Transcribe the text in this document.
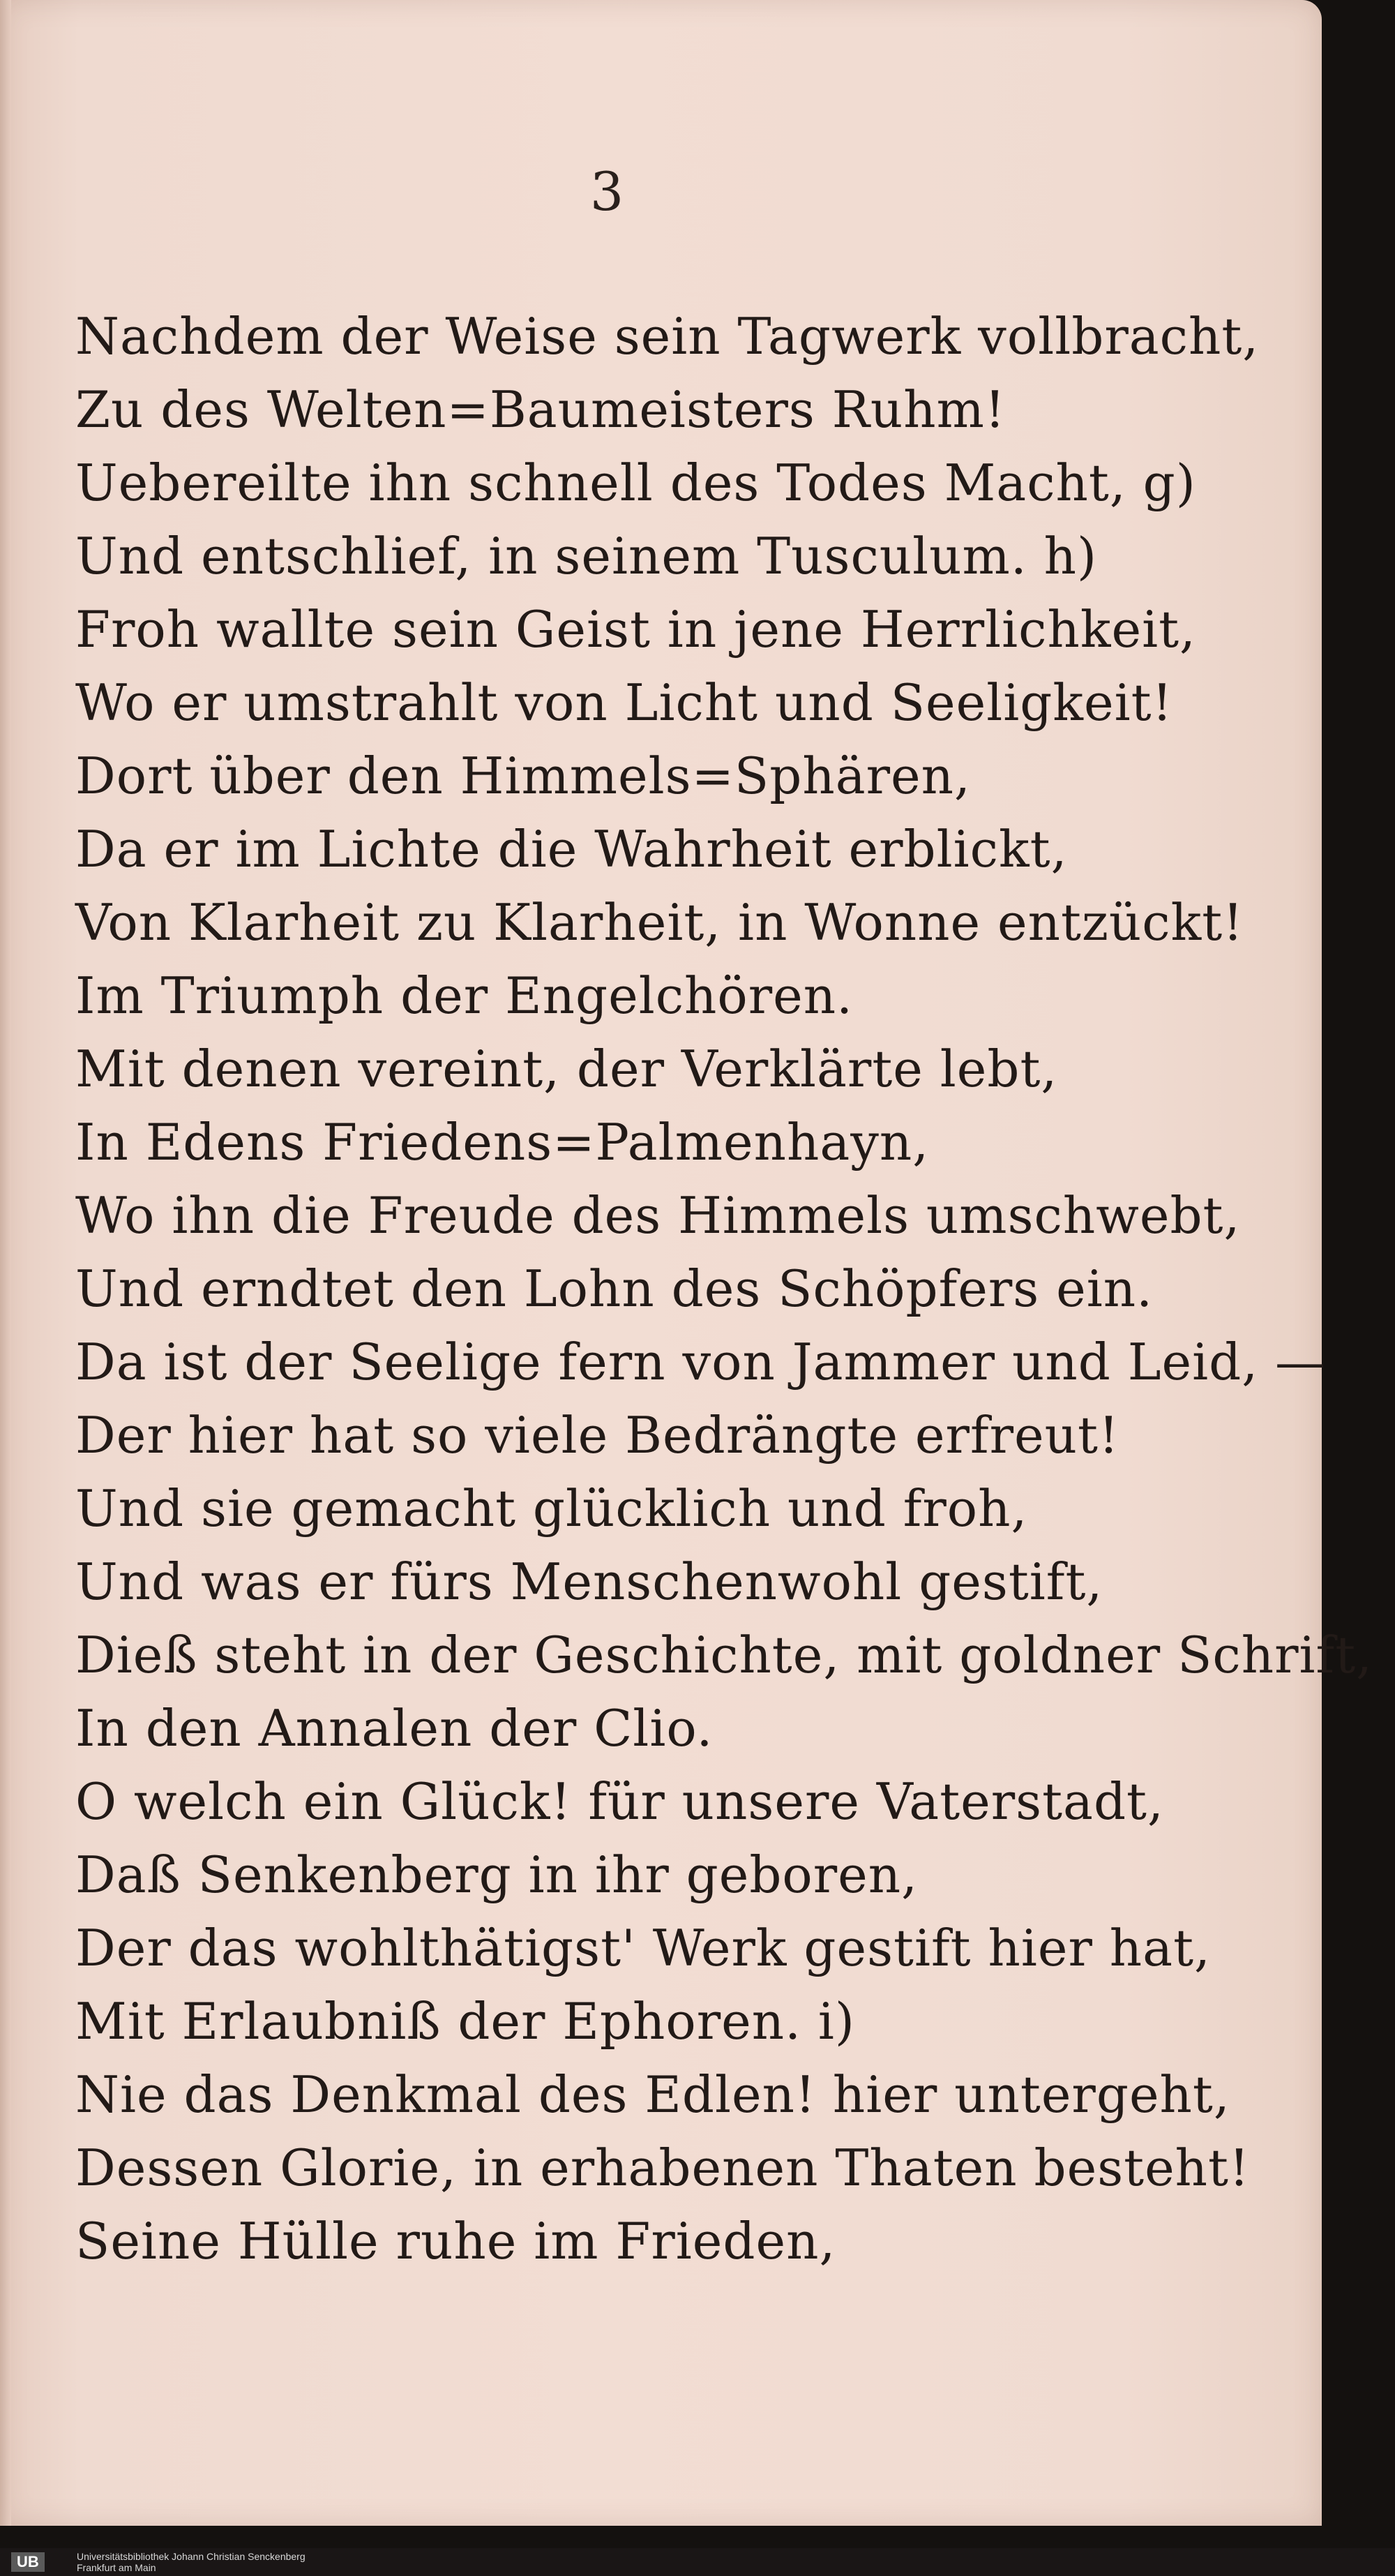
3
Nachdem der Weise sein Tagwerk vollbracht,
Zu des Welten=Baumeisters Ruhm!
Uebereilte ihn schnell des Todes Macht, g)
Und entschlief, in seinem Tusculum. h)
Froh wallte sein Geist in jene Herrlichkeit,
Wo er umstrahlt von Licht und Seeligkeit!
Dort über den Himmels=Sphären,
Da er im Lichte die Wahrheit erblickt,
Von Klarheit zu Klarheit, in Wonne entzückt!
Im Triumph der Engelchören.
Mit denen vereint, der Verklärte lebt,
In Edens Friedens=Palmenhayn,
Wo ihn die Freude des Himmels umschwebt,
Und erndtet den Lohn des Schöpfers ein.
Da ist der Seelige fern von Jammer und Leid, —
Der hier hat so viele Bedrängte erfreut!
Und sie gemacht glücklich und froh,
Und was er fürs Menschenwohl gestift,
Dieß steht in der Geschichte, mit goldner Schrift,
In den Annalen der Clio.
O welch ein Glück! für unsere Vaterstadt,
Daß Senkenberg in ihr geboren,
Der das wohlthätigst' Werk gestift hier hat,
Mit Erlaubniß der Ephoren. i)
Nie das Denkmal des Edlen! hier untergeht,
Dessen Glorie, in erhabenen Thaten besteht!
Seine Hülle ruhe im Frieden,
UB	Universitätsbibliothek Johann Christian Senckenberg
Frankfurt am Main
